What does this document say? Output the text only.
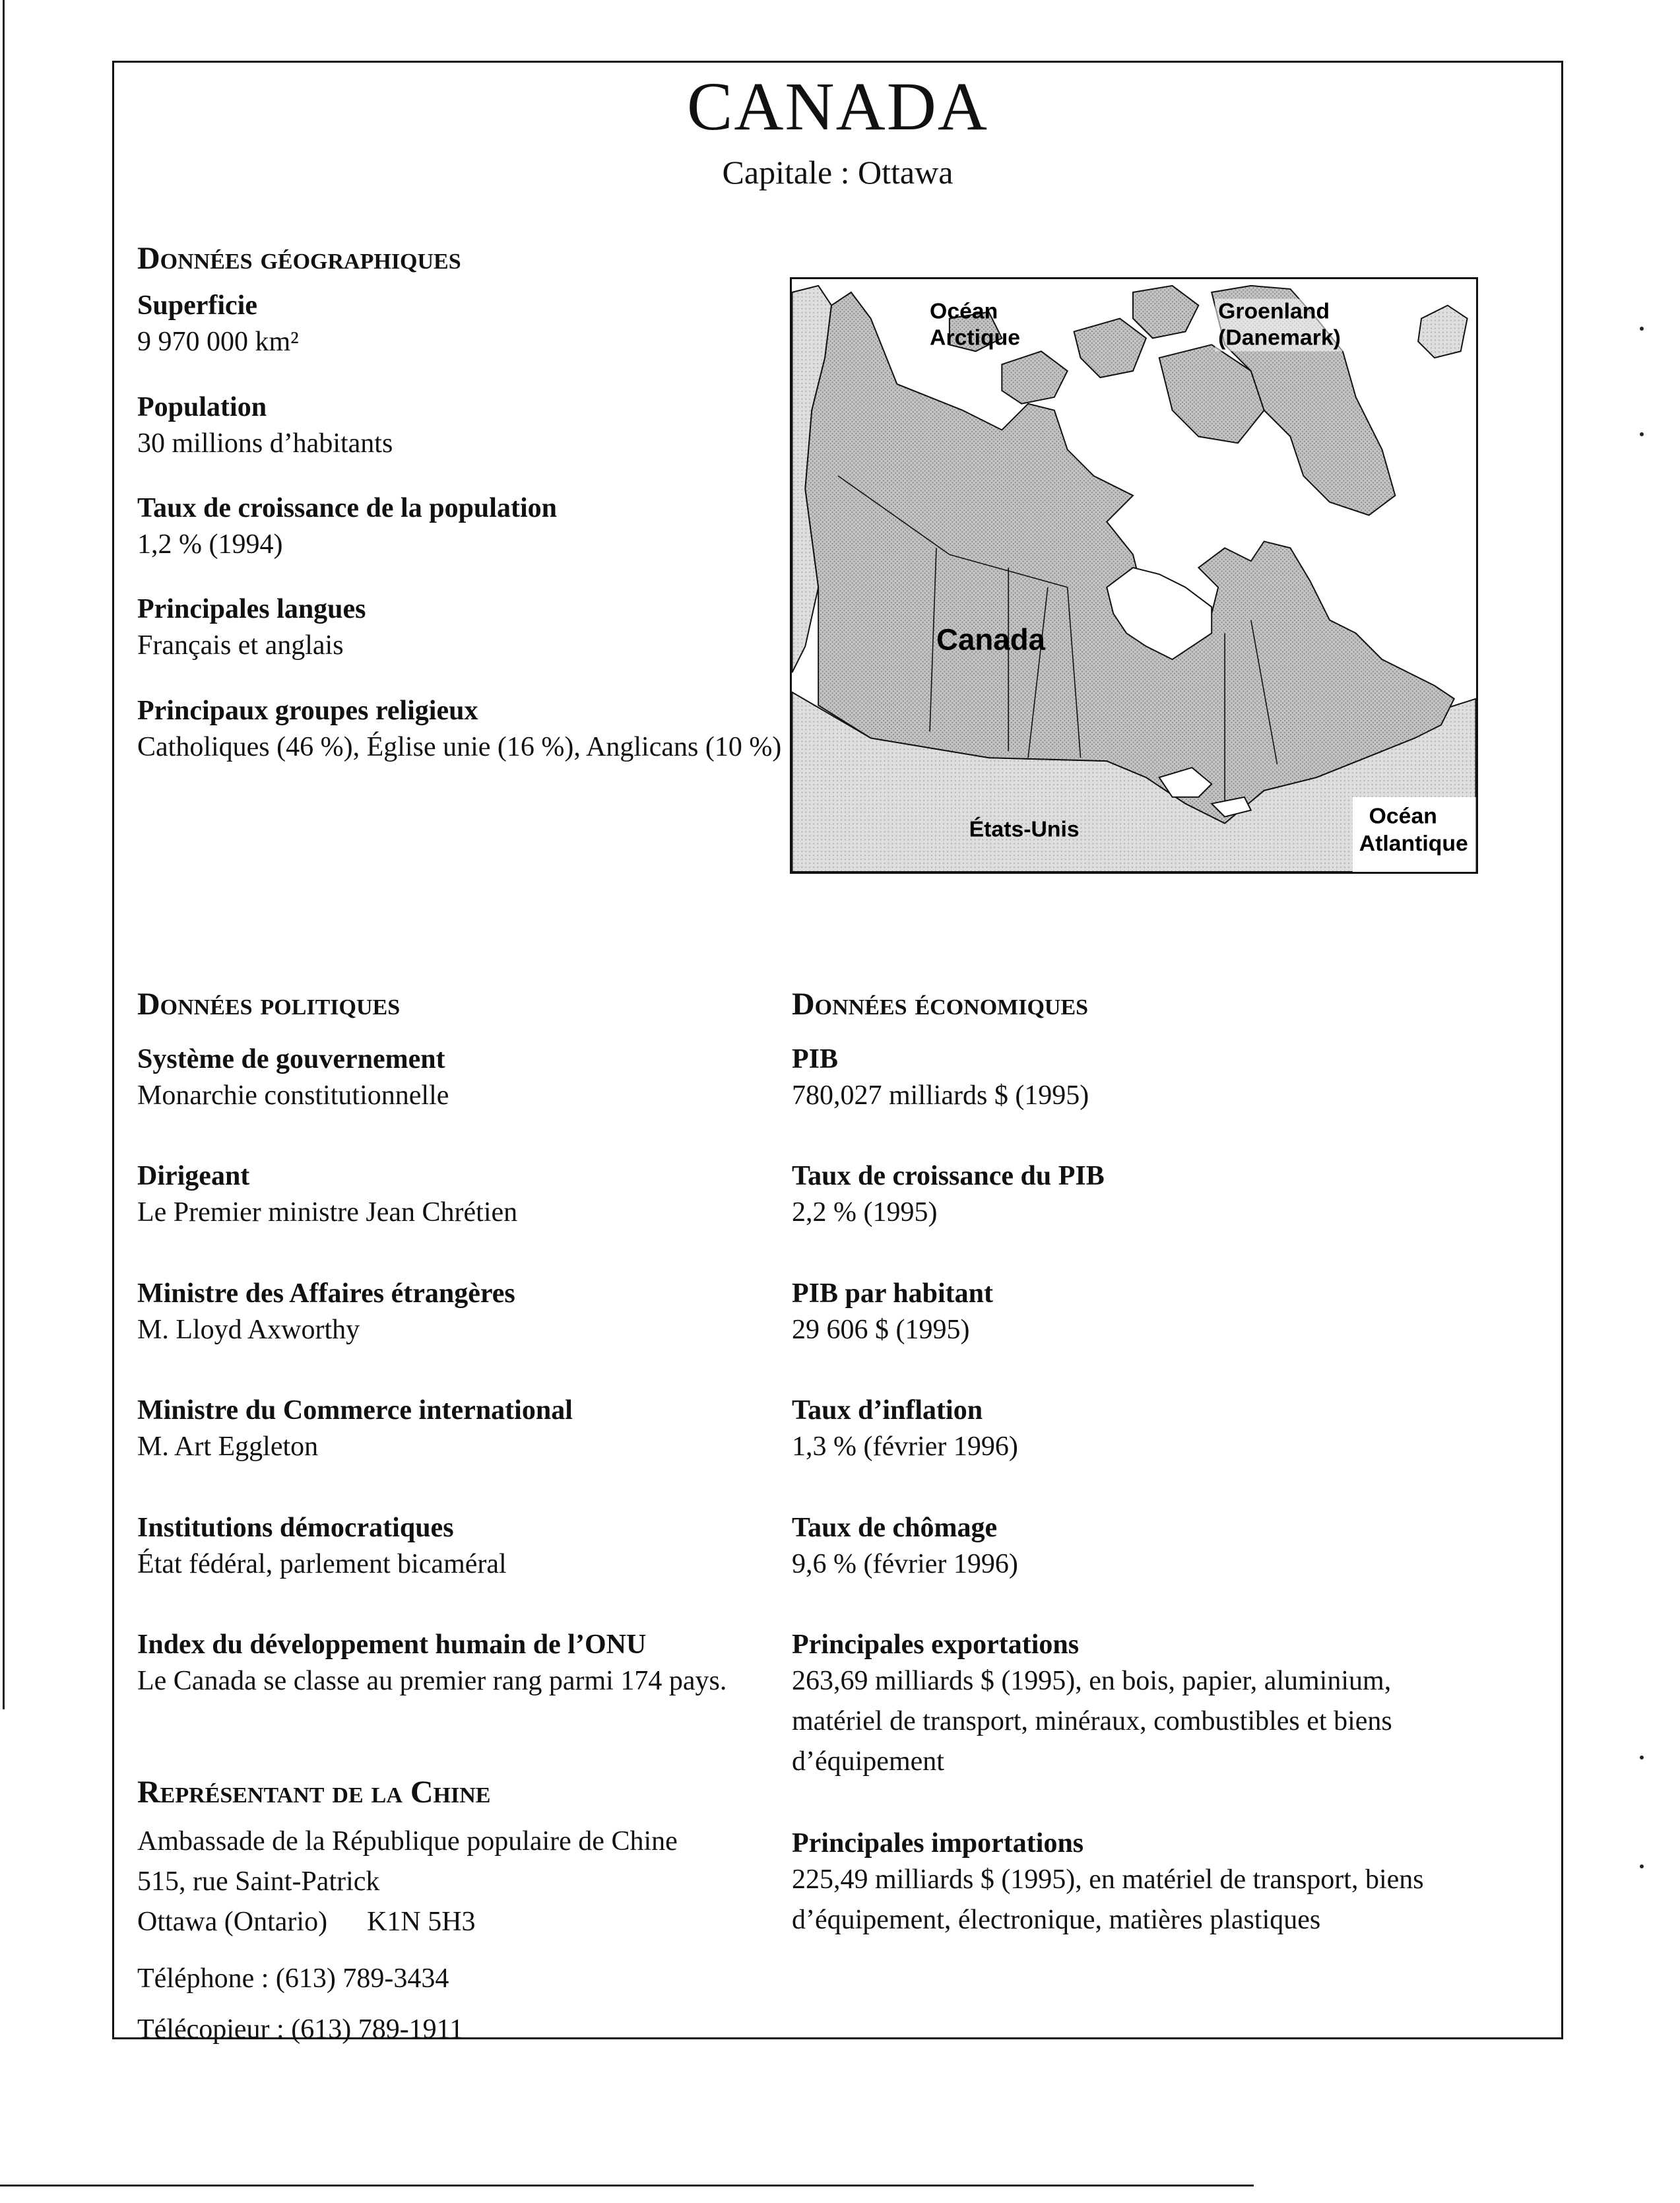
CANADA
Capitale : Ottawa
Données géographiques
Superficie
9 970 000 km²
Population
30 millions d’habitants
Taux de croissance de la population
1,2 % (1994)
Principales langues
Français et anglais
Principaux groupes religieux
Catholiques (46 %), Église unie (16 %), Anglicans (10 %)
Océan
Arctique
Groenland
(Danemark)
Canada
États-Unis
Océan
Atlantique
Données politiques
Système de gouvernement
Monarchie constitutionnelle
Dirigeant
Le Premier ministre Jean Chrétien
Ministre des Affaires étrangères
M. Lloyd Axworthy
Ministre du Commerce international
M. Art Eggleton
Institutions démocratiques
État fédéral, parlement bicaméral
Index du développement humain de l’ONU
Le Canada se classe au premier rang parmi 174 pays.
Représentant de la Chine
Ambassade de la République populaire de Chine
515, rue Saint-Patrick
Ottawa (Ontario) K1N 5H3
Téléphone : (613) 789-3434
Télécopieur : (613) 789-1911
Données économiques
PIB
780,027 milliards $ (1995)
Taux de croissance du PIB
2,2 % (1995)
PIB par habitant
29 606 $ (1995)
Taux d’inflation
1,3 % (février 1996)
Taux de chômage
9,6 % (février 1996)
Principales exportations
263,69 milliards $ (1995), en bois, papier, aluminium, matériel de transport, minéraux, combustibles et biens d’équipement
Principales importations
225,49 milliards $ (1995), en matériel de transport, biens d’équipement, électronique, matières plastiques
